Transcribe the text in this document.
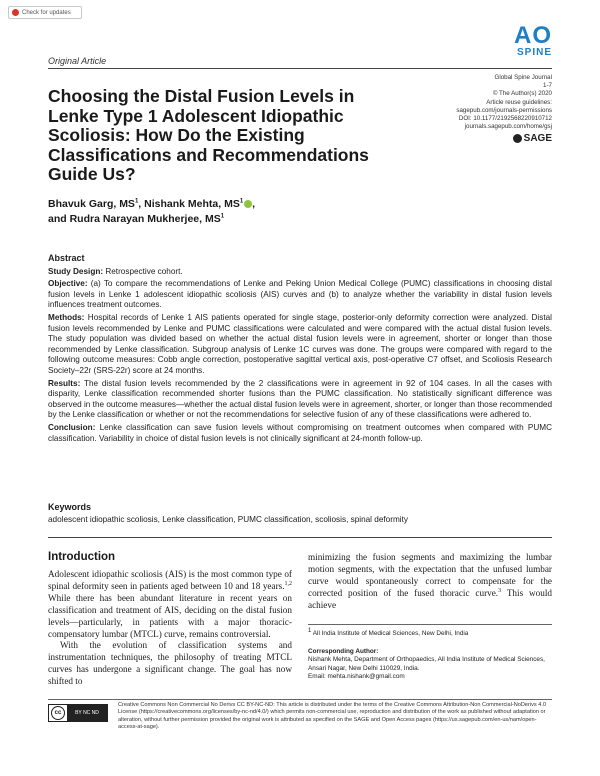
Check for updates
AO
SPINE
Original Article
Global Spine Journal
1-7
© The Author(s) 2020
Article reuse guidelines:
sagepub.com/journals-permissions
DOI: 10.1177/2192568220910712
journals.sagepub.com/home/gsj
SAGE
Choosing the Distal Fusion Levels in Lenke Type 1 Adolescent Idiopathic Scoliosis: How Do the Existing Classifications and Recommendations Guide Us?
Bhavuk Garg, $MS^1$, Nishank Mehta, $MS^1$ ,
and Rudra Narayan Mukherjee, $MS^1$
Abstract

Study Design: Retrospective cohort.

Objective: (a) To compare the recommendations of Lenke and Peking Union Medical College (PUMC) classifications in choosing distal fusion levels in Lenke 1 adolescent idiopathic scoliosis (AIS) curves and (b) to analyze whether the variability in distal fusion levels influences treatment outcomes.

Methods: Hospital records of Lenke 1 AIS patients operated for single stage, posterior-only deformity correction were analyzed. Distal fusion levels recommended by Lenke and PUMC classifications were calculated and were compared with the actual distal fusion levels. The study population was divided based on whether the actual distal fusion levels were in agreement, shorter or longer than those recommended by Lenke classification. Subgroup analysis of Lenke 1C curves was done. The groups were compared with regard to the following outcome measures: Cobb angle correction, postoperative sagittal vertical axis, post-operative C7 offset, and Scoliosis Research Society–22r (SRS-22r) score at 24 months.

Results: The distal fusion levels recommended by the 2 classifications were in agreement in 92 of 104 cases. In all the cases with disparity, Lenke classification recommended shorter fusions than the PUMC classification. No statistically significant difference was observed in the outcome measures—whether the actual distal fusion levels were in agreement, shorter, or longer than those recommended by the Lenke classification or whether or not the recommendations for selective fusion of any of these classifications were adhered to.

Conclusion: Lenke classification can save fusion levels without compromising on treatment outcomes when compared with PUMC classification. Variability in choice of distal fusion levels is not clinically significant at 24-month follow-up.

Keywords
adolescent idiopathic scoliosis, Lenke classification, PUMC classification, scoliosis, spinal deformity
Introduction

Adolescent idiopathic scoliosis (AIS) is the most common type of spinal deformity seen in patients aged between 10 and 18 years.$^{1,2}$ While there has been abundant literature in recent years on classification and treatment of AIS, deciding on the distal fusion levels—particularly, in patients with a major thoracic-compensatory lumbar (MTCL) curve, remains controversial.

With the evolution of classification systems and instrumentation techniques, the philosophy of treating MTCL curves has undergone a significant change. The goal has now shifted to

minimizing the fusion segments and maximizing the lumbar motion segments, with the expectation that the unfused lumbar curve would spontaneously correct to compensate for the corrected position of the fused thoracic curve.$^3$ This would achieve

$^1$ All India Institute of Medical Sciences, New Delhi, India
Corresponding Author:
Nishank Mehta, Department of Orthopaedics, All India Institute of Medical Sciences, Ansari Nagar, New Delhi 110029, India.
Email: mehta.nishank@gmail.com
cc	BY NC ND
Creative Commons Non Commercial No Derivs CC BY-NC-ND: This article is distributed under the terms of the Creative Commons Attribution-Non Commercial-NoDerivs 4.0 License (https://creativecommons.org/licenses/by-nc-nd/4.0/) which permits non-commercial use, reproduction and distribution of the work as published without adaptation or alteration, without further permission provided the original work is attributed as specified on the SAGE and Open Access pages (https://us.sagepub.com/en-us/nam/open-access-at-sage).
